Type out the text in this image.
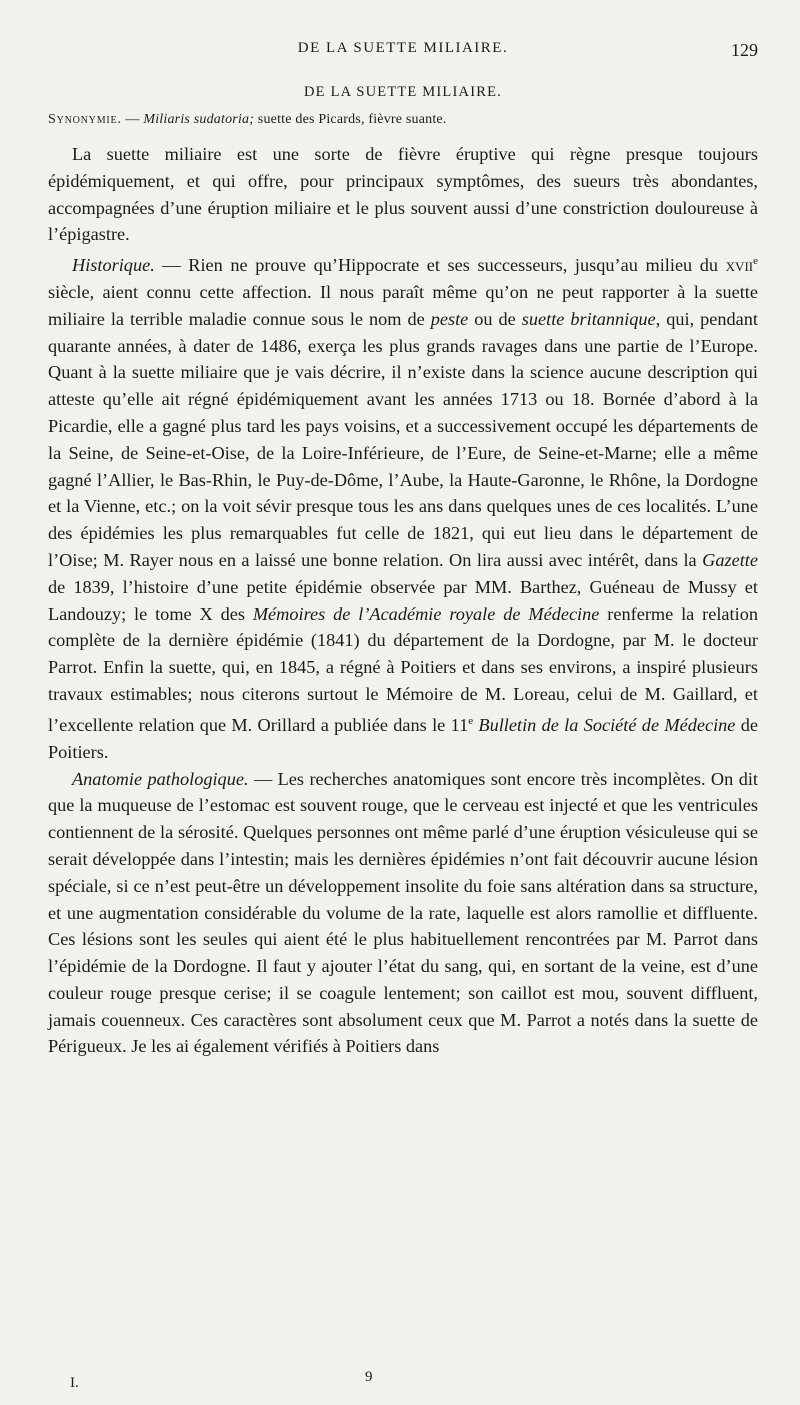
DE LA SUETTE MILIAIRE.	129
DE LA SUETTE MILIAIRE.
Synonymie. — Miliaris sudatoria; suette des Picards, fièvre suante.

La suette miliaire est une sorte de fièvre éruptive qui règne presque toujours épidémiquement, et qui offre, pour principaux symptômes, des sueurs très abondantes, accompagnées d’une éruption miliaire et le plus souvent aussi d’une constriction douloureuse à l’épigastre.

Historique. — Rien ne prouve qu’Hippocrate et ses successeurs, jusqu’au milieu du xvii$^e$ siècle, aient connu cette affection. Il nous paraît même qu’on ne peut rapporter à la suette miliaire la terrible maladie connue sous le nom de peste ou de suette britannique, qui, pendant quarante années, à dater de 1486, exerça les plus grands ravages dans une partie de l’Europe. Quant à la suette miliaire que je vais décrire, il n’existe dans la science aucune description qui atteste qu’elle ait régné épidémiquement avant les années 1713 ou 18. Bornée d’abord à la Picardie, elle a gagné plus tard les pays voisins, et a successivement occupé les départements de la Seine, de Seine-et-Oise, de la Loire-Inférieure, de l’Eure, de Seine-et-Marne; elle a même gagné l’Allier, le Bas-Rhin, le Puy-de-Dôme, l’Aube, la Haute-Garonne, le Rhône, la Dordogne et la Vienne, etc.; on la voit sévir presque tous les ans dans quelques unes de ces localités. L’une des épidémies les plus remarquables fut celle de 1821, qui eut lieu dans le département de l’Oise; M. Rayer nous en a laissé une bonne relation. On lira aussi avec intérêt, dans la Gazette de 1839, l’histoire d’une petite épidémie observée par MM. Barthez, Guéneau de Mussy et Landouzy; le tome X des Mémoires de l’Académie royale de Médecine renferme la relation complète de la dernière épidémie (1841) du département de la Dordogne, par M. le docteur Parrot. Enfin la suette, qui, en 1845, a régné à Poitiers et dans ses environs, a inspiré plusieurs travaux estimables; nous citerons surtout le Mémoire de M. Loreau, celui de M. Gaillard, et l’excellente relation que M. Orillard a publiée dans le 11e Bulletin de la Société de Médecine de Poitiers.

Anatomie pathologique. — Les recherches anatomiques sont encore très incomplètes. On dit que la muqueuse de l’estomac est souvent rouge, que le cerveau est injecté et que les ventricules contiennent de la sérosité. Quelques personnes ont même parlé d’une éruption vésiculeuse qui se serait développée dans l’intestin; mais les dernières épidémies n’ont fait découvrir aucune lésion spéciale, si ce n’est peut-être un développement insolite du foie sans altération dans sa structure, et une augmentation considérable du volume de la rate, laquelle est alors ramollie et diffluente. Ces lésions sont les seules qui aient été le plus habituellement rencontrées par M. Parrot dans l’épidémie de la Dordogne. Il faut y ajouter l’état du sang, qui, en sortant de la veine, est d’une couleur rouge presque cerise; il se coagule lentement; son caillot est mou, souvent diffluent, jamais couenneux. Ces caractères sont absolument ceux que M. Parrot a notés dans la suette de Périgueux. Je les ai également vérifiés à Poitiers dans

I.	9
